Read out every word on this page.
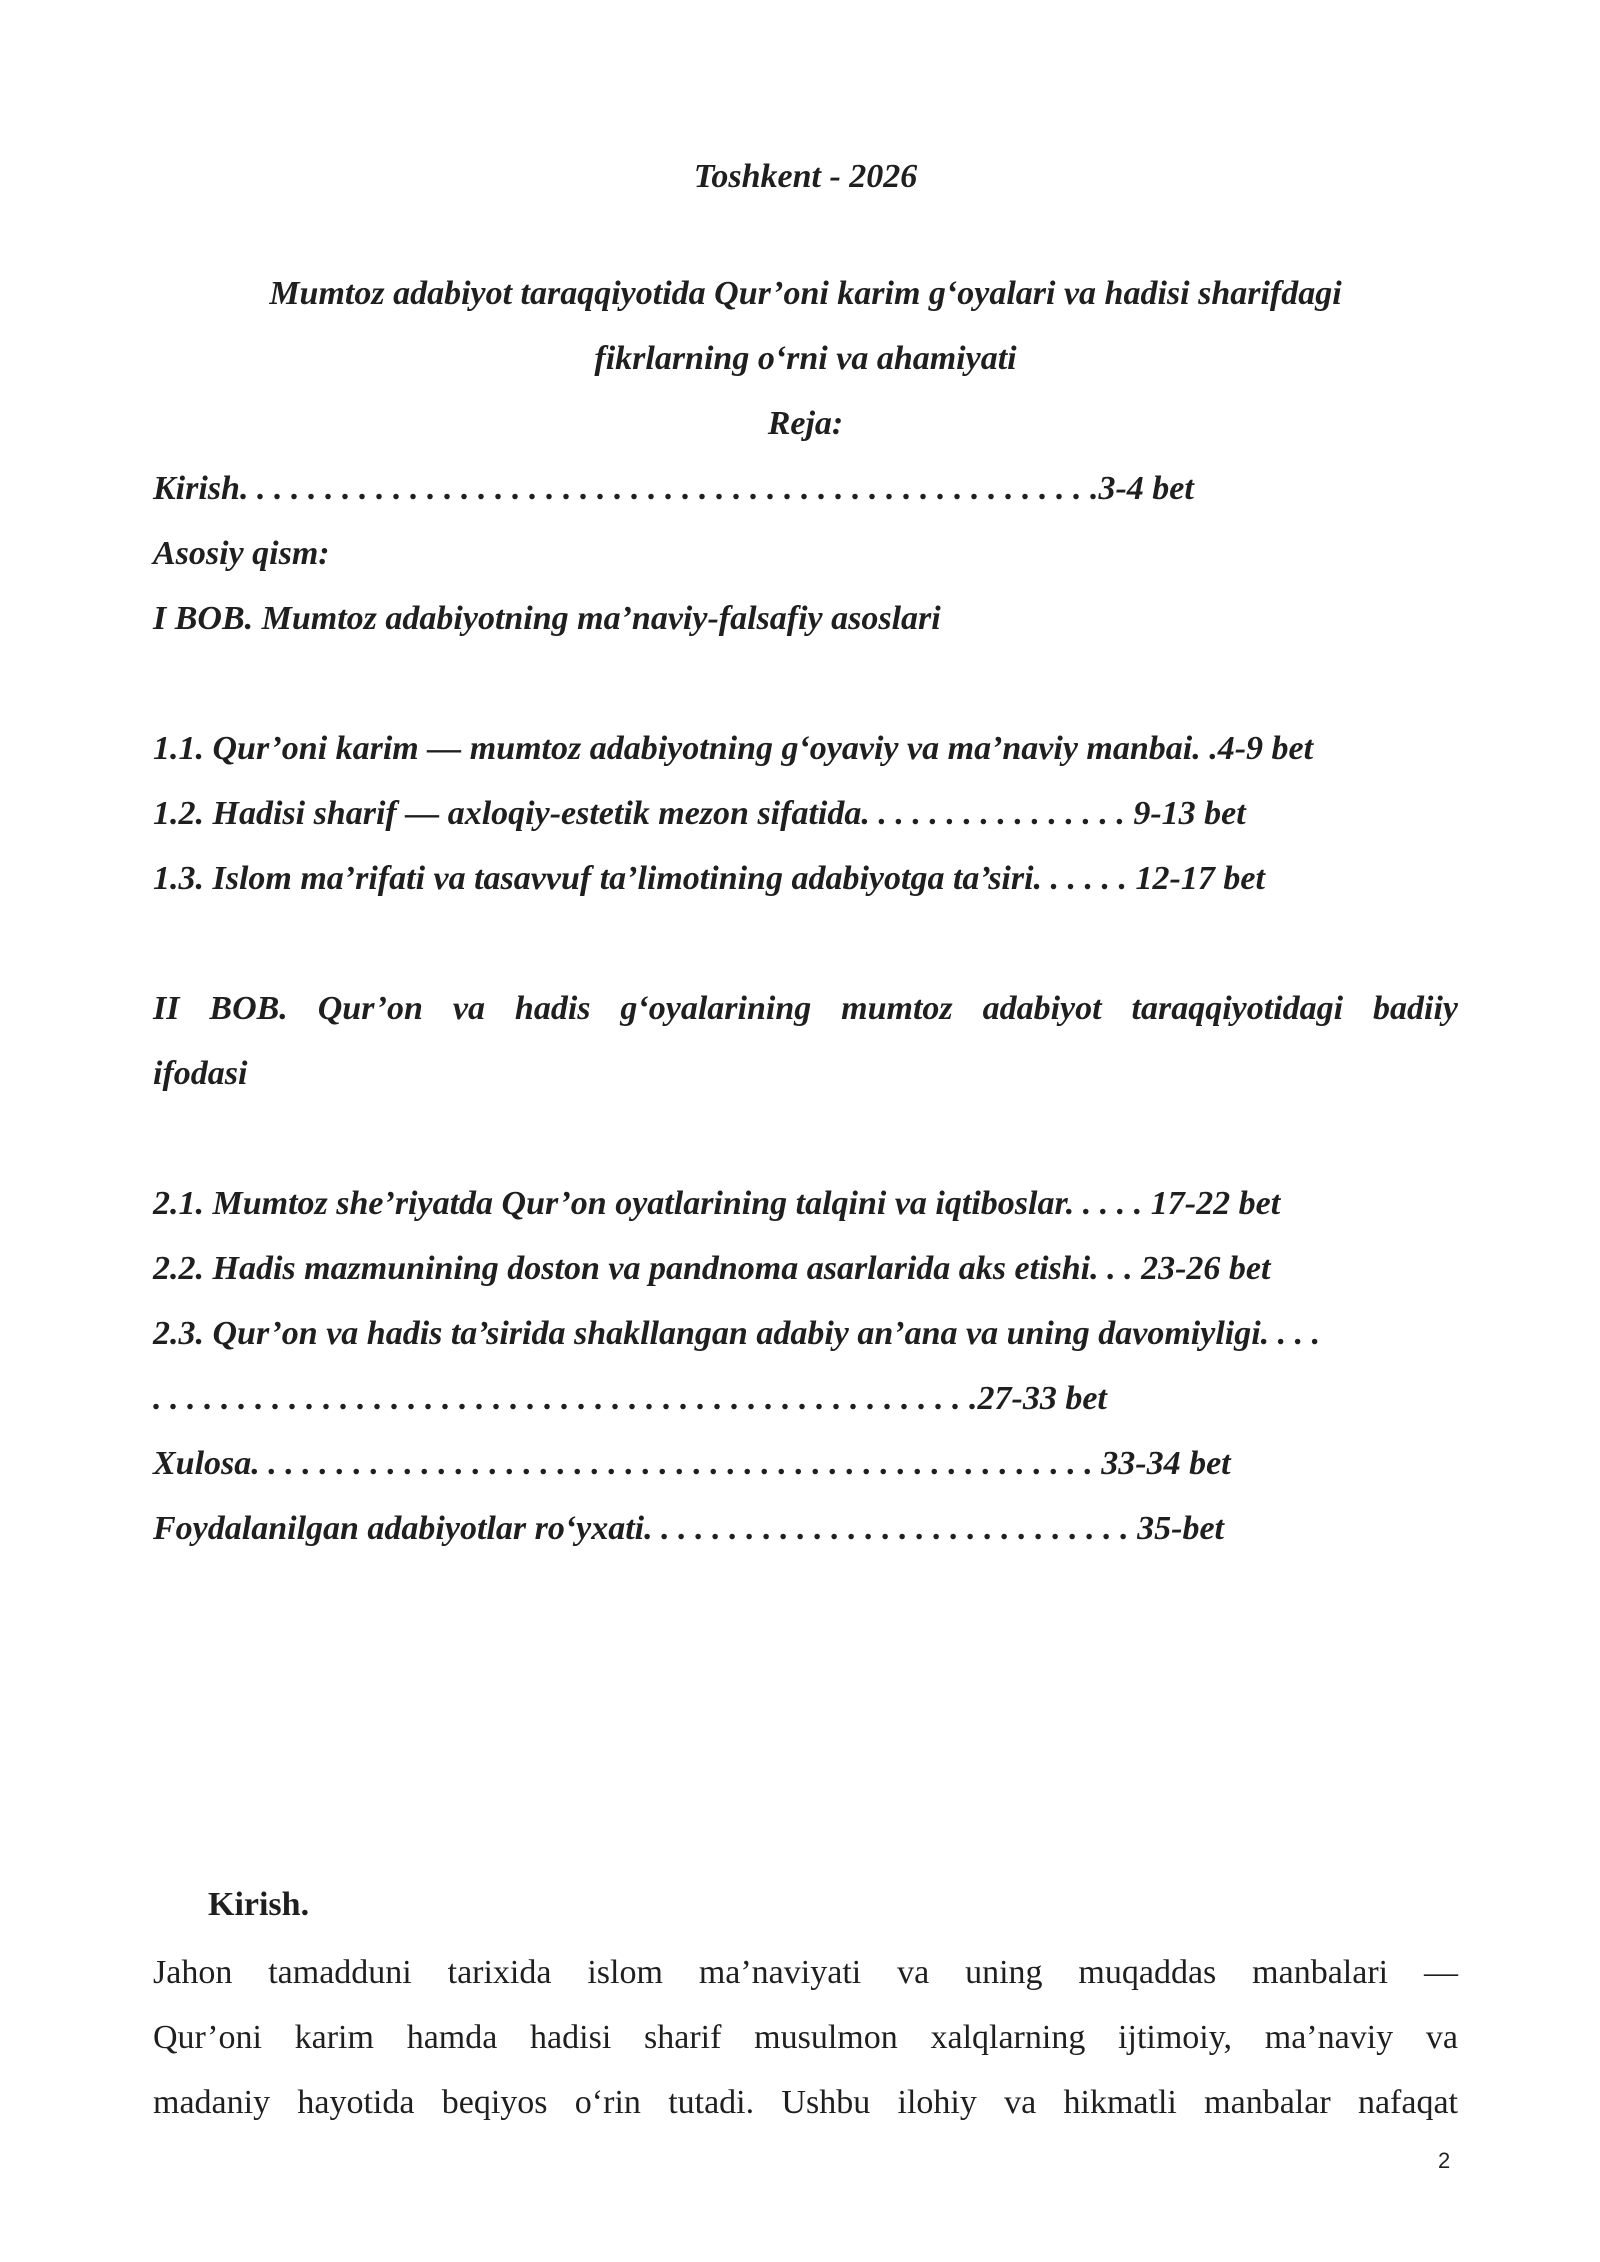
Toshkent - 2026
Mumtoz adabiyot taraqqiyotida Qur’oni karim g‘oyalari va hadisi sharifdagi
fikrlarning o‘rni va ahamiyati
Reja:
Kirish. . . . . . . . . . . . . . . . . . . . . . . . . . . . . . . . . . . . . . . . . . . . . . . . . . .3-4 bet
Asosiy qism:
I BOB. Mumtoz adabiyotning ma’naviy-falsafiy asoslari
1.1. Qur’oni karim — mumtoz adabiyotning g‘oyaviy va ma’naviy manbai. .4-9 bet
1.2. Hadisi sharif — axloqiy-estetik mezon sifatida. . . . . . . . . . . . . . . . 9-13 bet
1.3. Islom ma’rifati va tasavvuf ta’limotining adabiyotga ta’siri. . . . . . 12-17 bet
II BOB. Qur’on va hadis g‘oyalarining mumtoz adabiyot taraqqiyotidagi badiiy
ifodasi
2.1. Mumtoz she’riyatda Qur’on oyatlarining talqini va iqtiboslar. . . . . 17-22 bet
2.2. Hadis mazmunining doston va pandnoma asarlarida aks etishi. . . 23-26 bet
2.3. Qur’on va hadis ta’sirida shakllangan adabiy an’ana va uning davomiyligi. . . .
. . . . . . . . . . . . . . . . . . . . . . . . . . . . . . . . . . . . . . . . . . . . . . . . .27-33 bet
Xulosa. . . . . . . . . . . . . . . . . . . . . . . . . . . . . . . . . . . . . . . . . . . . . . . . . . 33-34 bet
Foydalanilgan adabiyotlar ro‘yxati. . . . . . . . . . . . . . . . . . . . . . . . . . . . . 35-bet
Kirish.
Jahon tamadduni tarixida islom ma’naviyati va uning muqaddas manbalari —
Qur’oni karim hamda hadisi sharif musulmon xalqlarning ijtimoiy, ma’naviy va
madaniy hayotida beqiyos o‘rin tutadi. Ushbu ilohiy va hikmatli manbalar nafaqat
2
